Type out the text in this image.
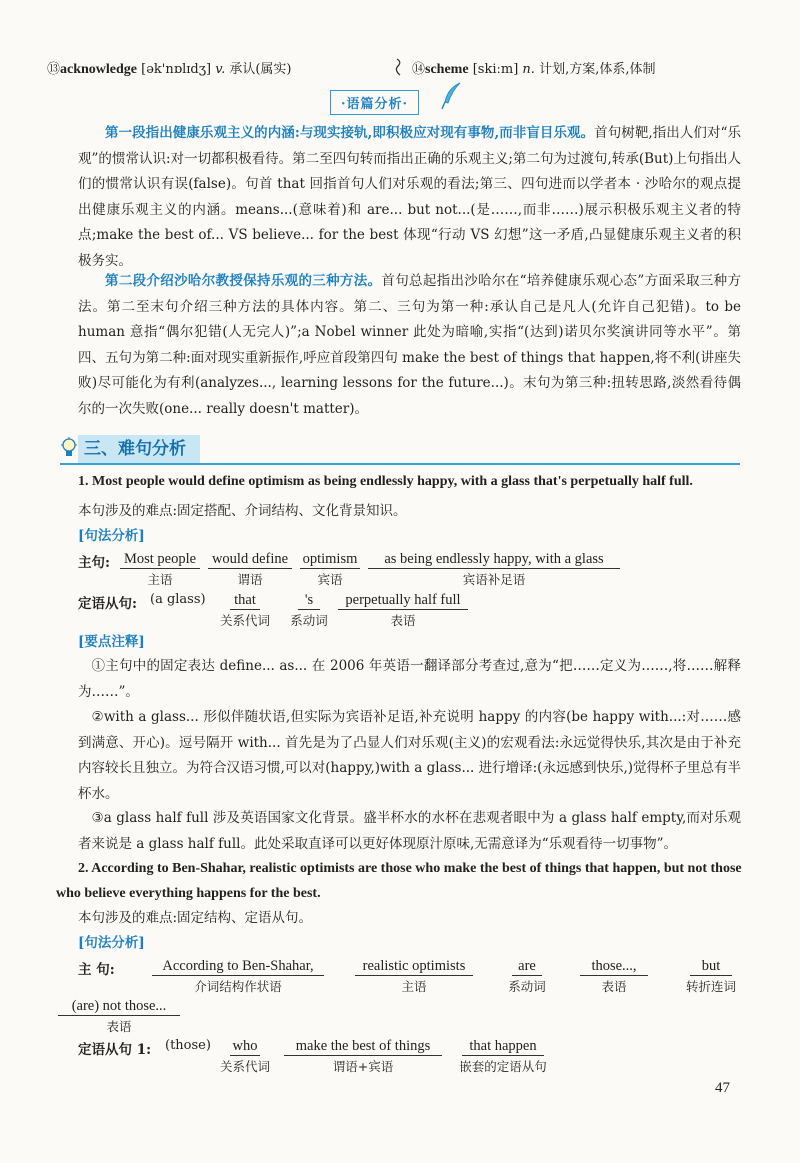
⑬acknowledge [ək'nɒlɪdʒ] v. 承认(属实)	⑭scheme [skiːm] n. 计划,方案,体系,体制
·语篇分析·
第一段指出健康乐观主义的内涵:与现实接轨,即积极应对现有事物,而非盲目乐观。首句树靶,指出人们对“乐观”的惯常认识:对一切都积极看待。第二至四句转而指出正确的乐观主义;第二句为过渡句,转承(But)上句指出人们的惯常认识有误(false)。句首 that 回指首句人们对乐观的看法;第三、四句进而以学者本 · 沙哈尔的观点提出健康乐观主义的内涵。means...(意味着)和 are... but not...(是……,而非……)展示积极乐观主义者的特点;make the best of... VS believe... for the best 体现“行动 VS 幻想”这一矛盾,凸显健康乐观主义者的积极务实。
第二段介绍沙哈尔教授保持乐观的三种方法。首句总起指出沙哈尔在“培养健康乐观心态”方面采取三种方法。第二至末句介绍三种方法的具体内容。第二、三句为第一种:承认自己是凡人(允许自己犯错)。to be human 意指“偶尔犯错(人无完人)”;a Nobel winner 此处为暗喻,实指“(达到)诺贝尔奖演讲同等水平”。第四、五句为第二种:面对现实重新振作,呼应首段第四句 make the best of things that happen,将不利(讲座失败)尽可能化为有利(analyzes..., learning lessons for the future...)。末句为第三种:扭转思路,淡然看待偶尔的一次失败(one... really doesn't matter)。
三、难句分析
1. Most people would define optimism as being endlessly happy, with a glass that's perpetually half full.
本句涉及的难点:固定搭配、介词结构、文化背景知识。
[句法分析]
主句: Most people
主语
would define
谓语
optimism
宾语
as being endlessly happy, with a glass
宾语补足语
定语从句: (a glass) that
关系代词
's
系动词
perpetually half full
表语
[要点注释]
①主句中的固定表达 define... as... 在 2006 年英语一翻译部分考查过,意为“把……定义为……,将……解释为……”。
②with a glass... 形似伴随状语,但实际为宾语补足语,补充说明 happy 的内容(be happy with...:对……感到满意、开心)。逗号隔开 with... 首先是为了凸显人们对乐观(主义)的宏观看法:永远觉得快乐,其次是由于补充内容较长且独立。为符合汉语习惯,可以对(happy,)with a glass... 进行增译:(永远感到快乐,)觉得杯子里总有半杯水。
③a glass half full 涉及英语国家文化背景。盛半杯水的水杯在悲观者眼中为 a glass half empty,而对乐观者来说是 a glass half full。此处采取直译可以更好体现原汁原味,无需意译为“乐观看待一切事物”。
2. According to Ben-Shahar, realistic optimists are those who make the best of things that happen, but not those who believe everything happens for the best.
本句涉及的难点:固定结构、定语从句。
[句法分析]
主 句:	According to Ben-Shahar,
介词结构作状语
realistic optimists
主语
are
系动词
those...,
表语
but
转折连词
(are) not those...
表语
定语从句 1: (those) who
关系代词
make the best of things
谓语+宾语
that happen
嵌套的定语从句
47
